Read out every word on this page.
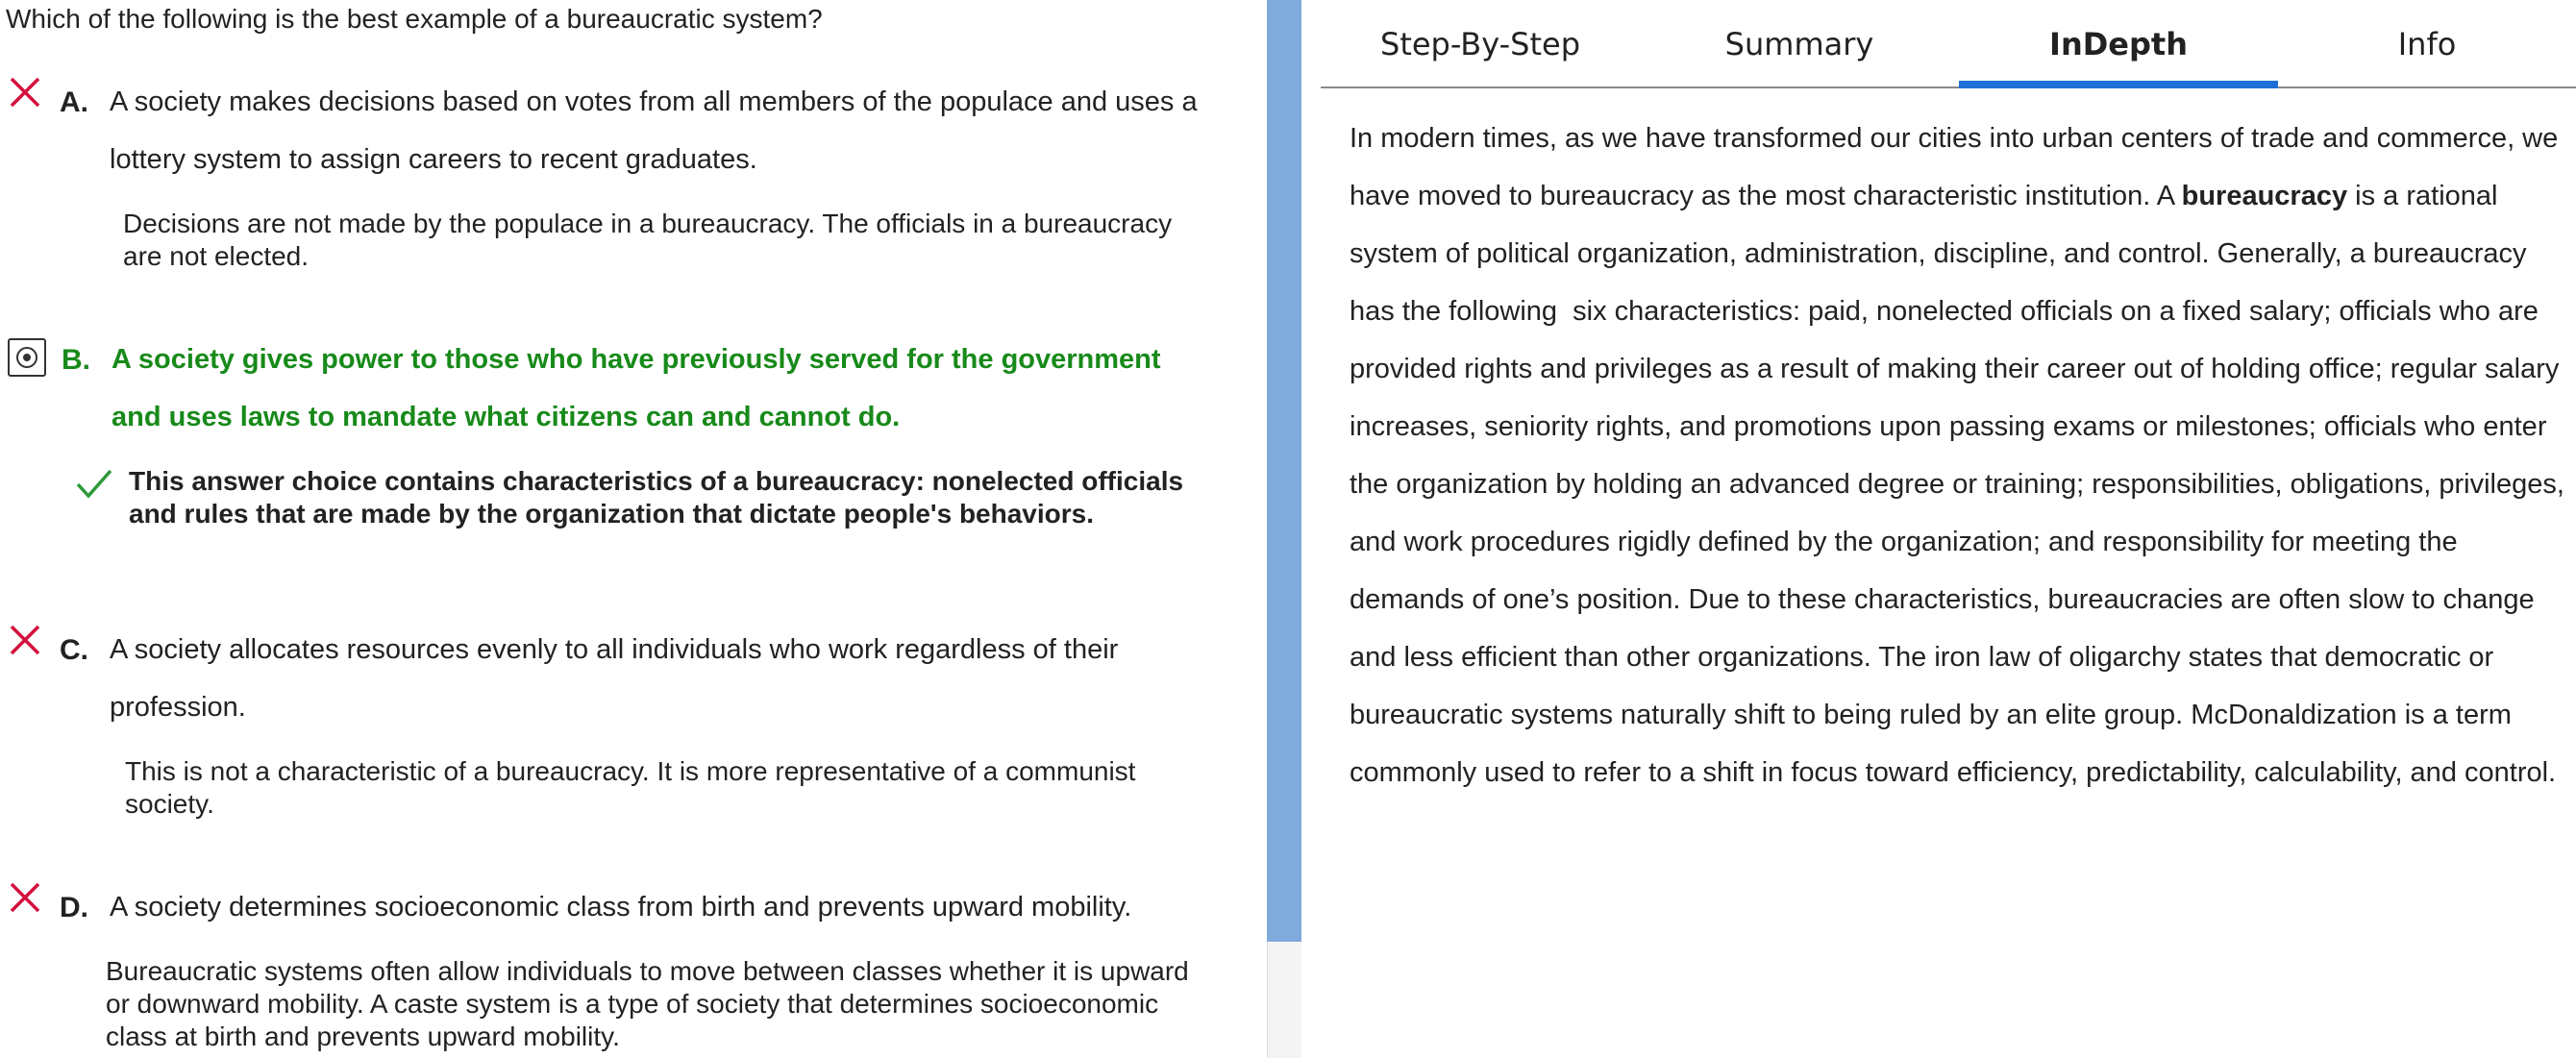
Which of the following is the best example of a bureaucratic system?
A. A society makes decisions based on votes from all members of the populace and uses a lottery system to assign careers to recent graduates.
Decisions are not made by the populace in a bureaucracy. The officials in a bureaucracy are not elected.
B. A society gives power to those who have previously served for the government and uses laws to mandate what citizens can and cannot do.
This answer choice contains characteristics of a bureaucracy: nonelected officials and rules that are made by the organization that dictate people's behaviors.
C. A society allocates resources evenly to all individuals who work regardless of their profession.
This is not a characteristic of a bureaucracy. It is more representative of a communist society.
D. A society determines socioeconomic class from birth and prevents upward mobility.
Bureaucratic systems often allow individuals to move between classes whether it is upward or downward mobility. A caste system is a type of society that determines socioeconomic class at birth and prevents upward mobility.
Step-By-Step	Summary	InDepth	Info
In modern times, as we have transformed our cities into urban centers of trade and commerce, we have moved to bureaucracy as the most characteristic institution. A bureaucracy is a rational system of political organization, administration, discipline, and control. Generally, a bureaucracy has the following  six characteristics: paid, nonelected officials on a fixed salary; officials who are provided rights and privileges as a result of making their career out of holding office; regular salary increases, seniority rights, and promotions upon passing exams or milestones; officials who enter the organization by holding an advanced degree or training; responsibilities, obligations, privileges, and work procedures rigidly defined by the organization; and responsibility for meeting the demands of one’s position. Due to these characteristics, bureaucracies are often slow to change and less efficient than other organizations. The iron law of oligarchy states that democratic or bureaucratic systems naturally shift to being ruled by an elite group. McDonaldization is a term commonly used to refer to a shift in focus toward efficiency, predictability, calculability, and control.
